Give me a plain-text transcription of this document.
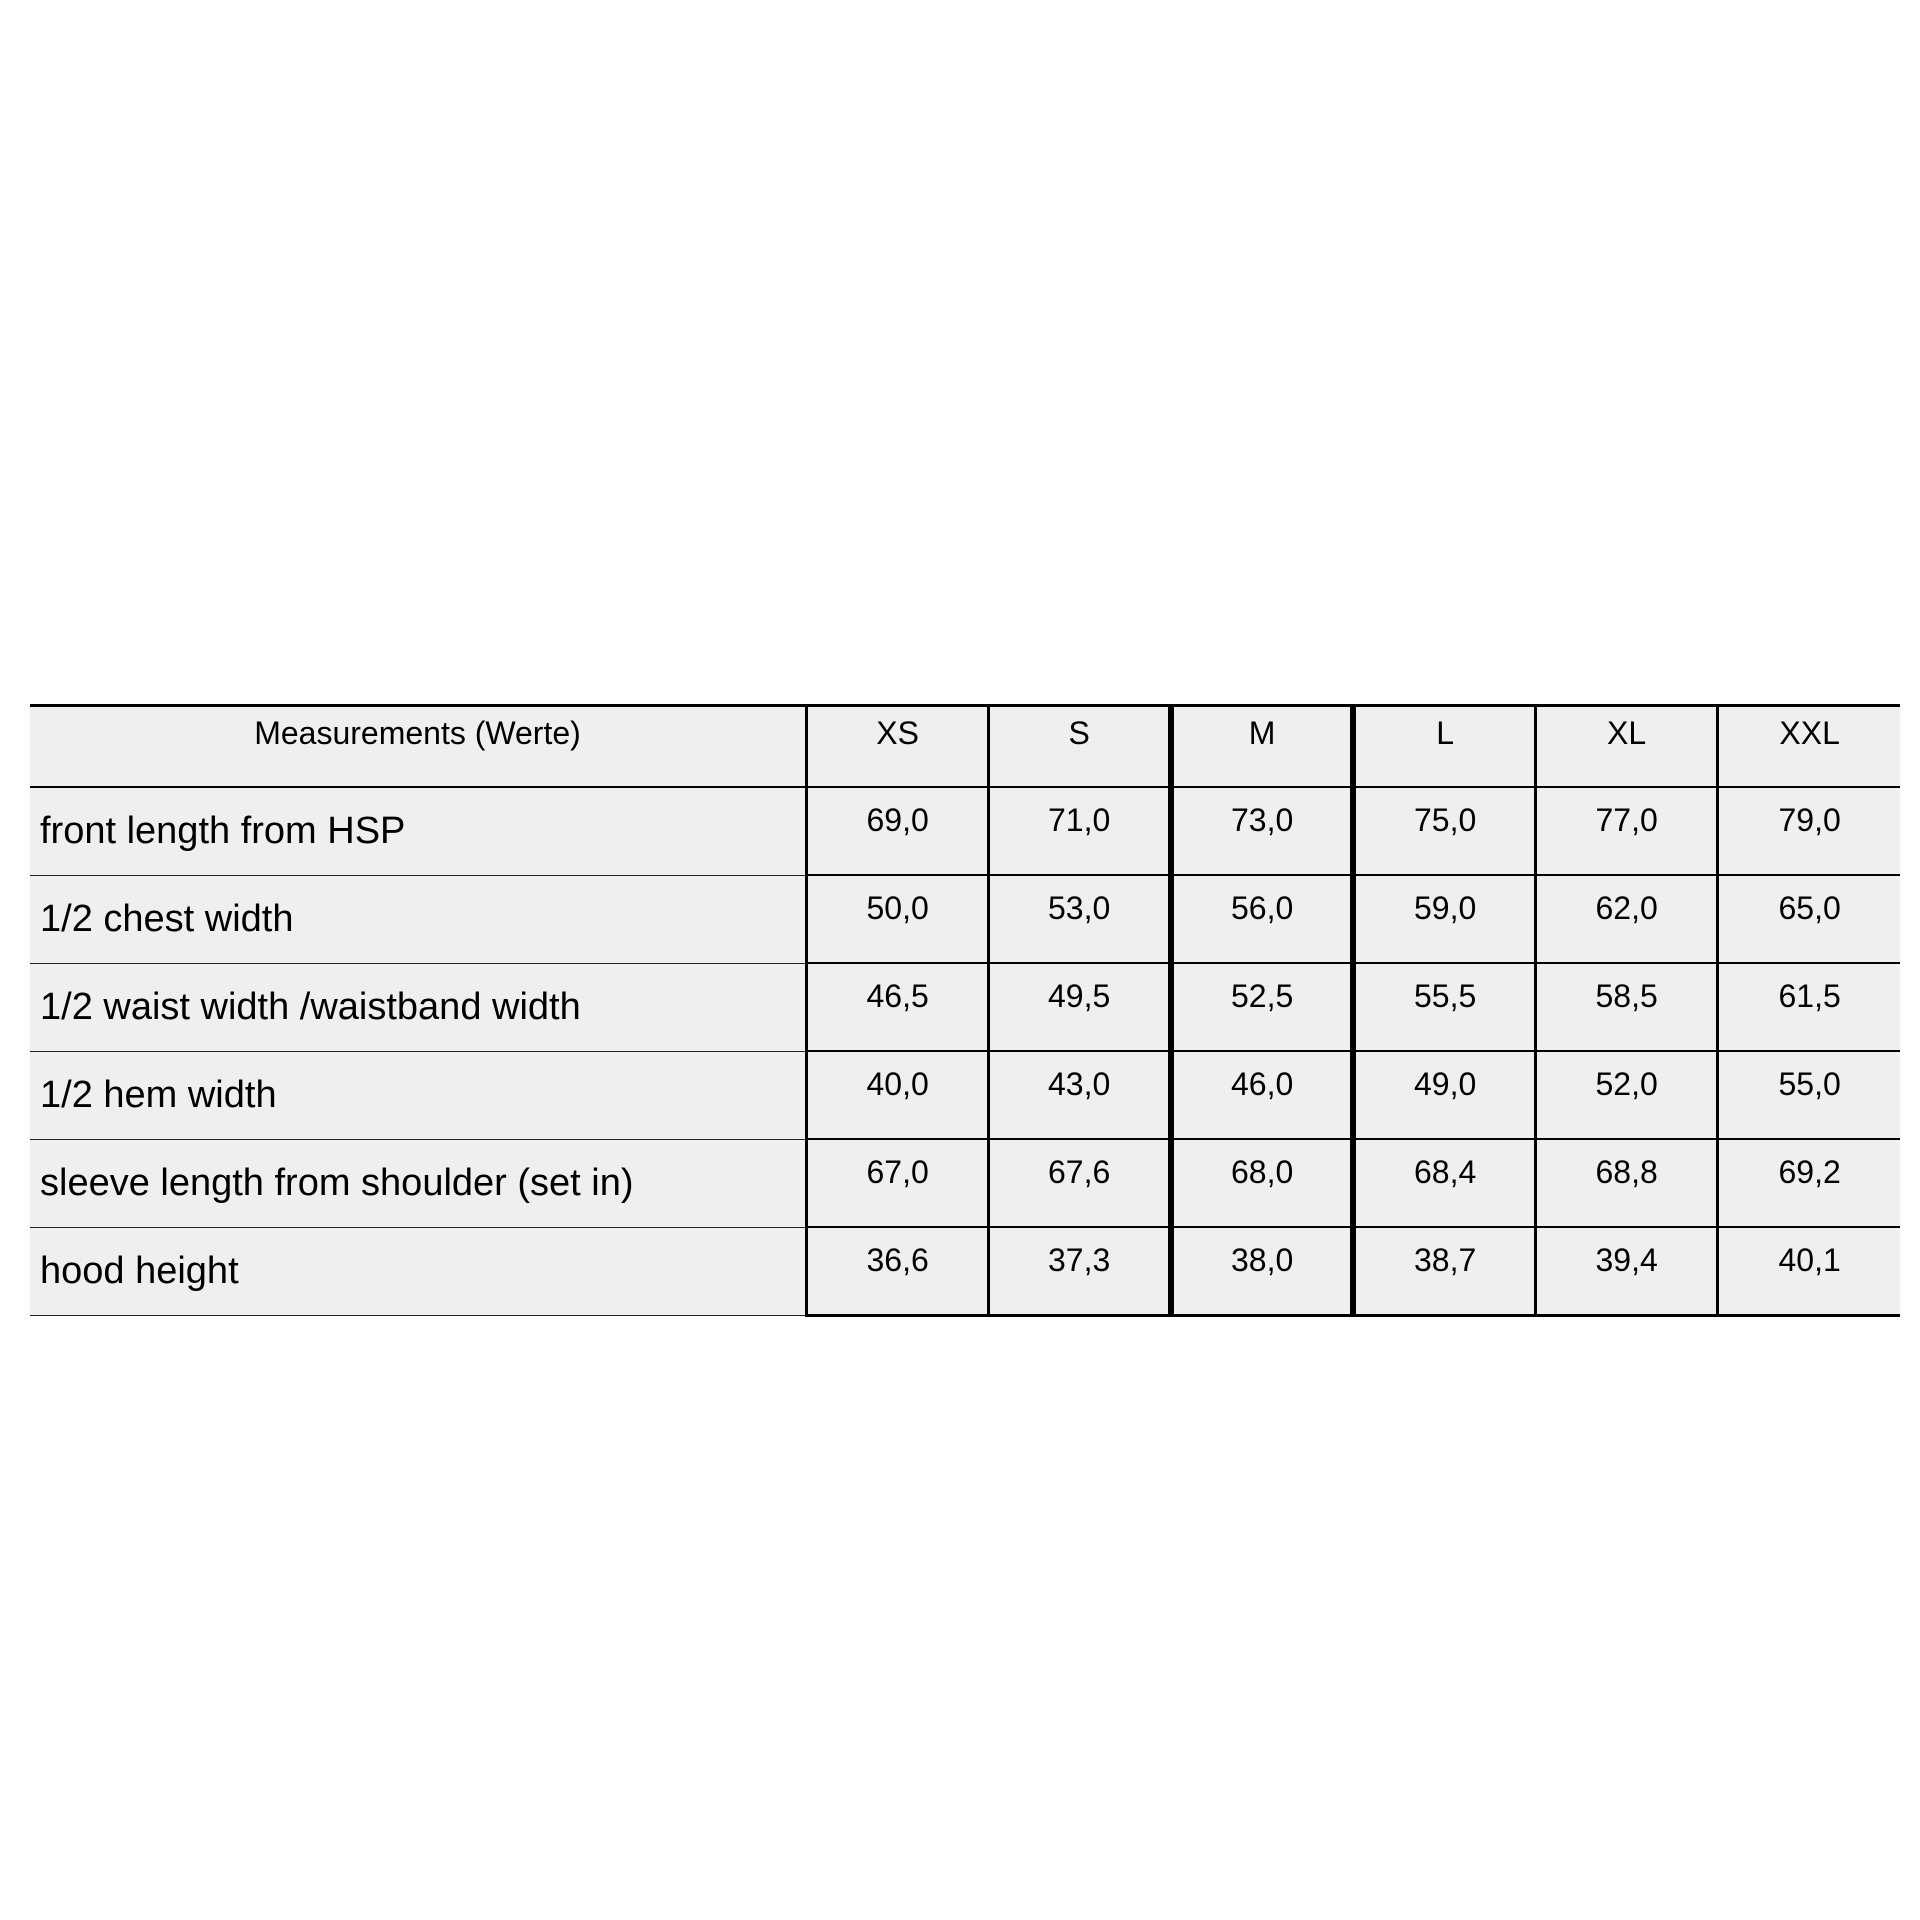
Measurements (Werte)	XS	S	M	L	XL	XXL
front length from HSP	69,0	71,0	73,0	75,0	77,0	79,0
1/2 chest width	50,0	53,0	56,0	59,0	62,0	65,0
1/2 waist width /waistband width	46,5	49,5	52,5	55,5	58,5	61,5
1/2 hem width	40,0	43,0	46,0	49,0	52,0	55,0
sleeve length from shoulder (set in)	67,0	67,6	68,0	68,4	68,8	69,2
hood height	36,6	37,3	38,0	38,7	39,4	40,1
